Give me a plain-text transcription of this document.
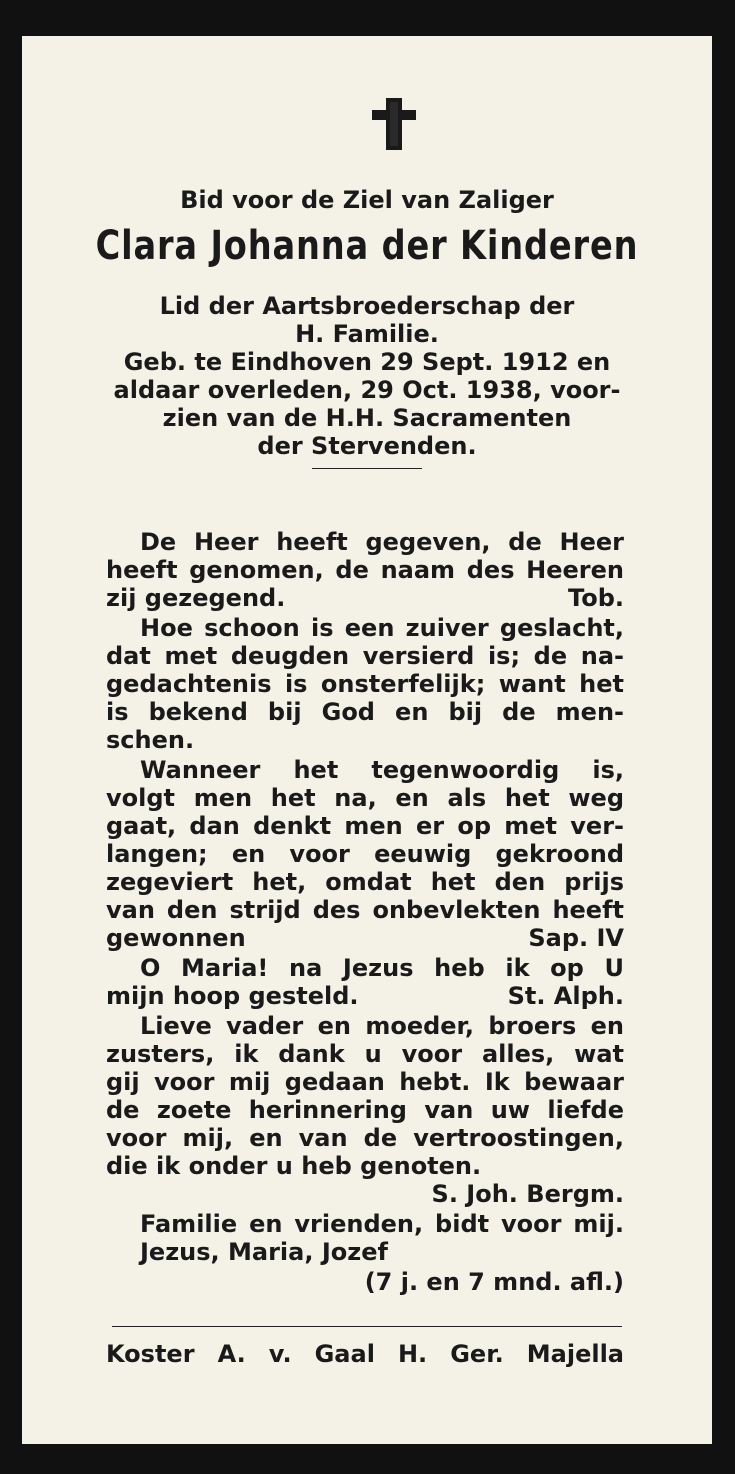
Bid voor de Ziel van Zaliger
Clara Johanna der Kinderen
Lid der Aartsbroederschap der
H. Familie.
Geb. te Eindhoven 29 Sept. 1912 en
aldaar overleden, 29 Oct. 1938, voor-
zien van de H.H. Sacramenten
der Stervenden.
De Heer heeft gegeven, de Heer
heeft genomen, de naam des Heeren
zij gezegend.	Tob.
Hoe schoon is een zuiver geslacht,
dat met deugden versierd is; de na-
gedachtenis is onsterfelijk; want het
is bekend bij God en bij de men-
schen.
Wanneer het tegenwoordig is,
volgt men het na, en als het weg
gaat, dan denkt men er op met ver-
langen; en voor eeuwig gekroond
zegeviert het, omdat het den prijs
van den strijd des onbevlekten heeft
gewonnen	Sap. IV
O Maria! na Jezus heb ik op U
mijn hoop gesteld.	St. Alph.
Lieve vader en moeder, broers en
zusters, ik dank u voor alles, wat
gij voor mij gedaan hebt. Ik bewaar
de zoete herinnering van uw liefde
voor mij, en van de vertroostingen,
die ik onder u heb genoten.
S. Joh. Bergm.
Familie en vrienden, bidt voor mij.
Jezus, Maria, Jozef
(7 j. en 7 mnd. afl.)
Koster A. v. Gaal H. Ger. Majella
